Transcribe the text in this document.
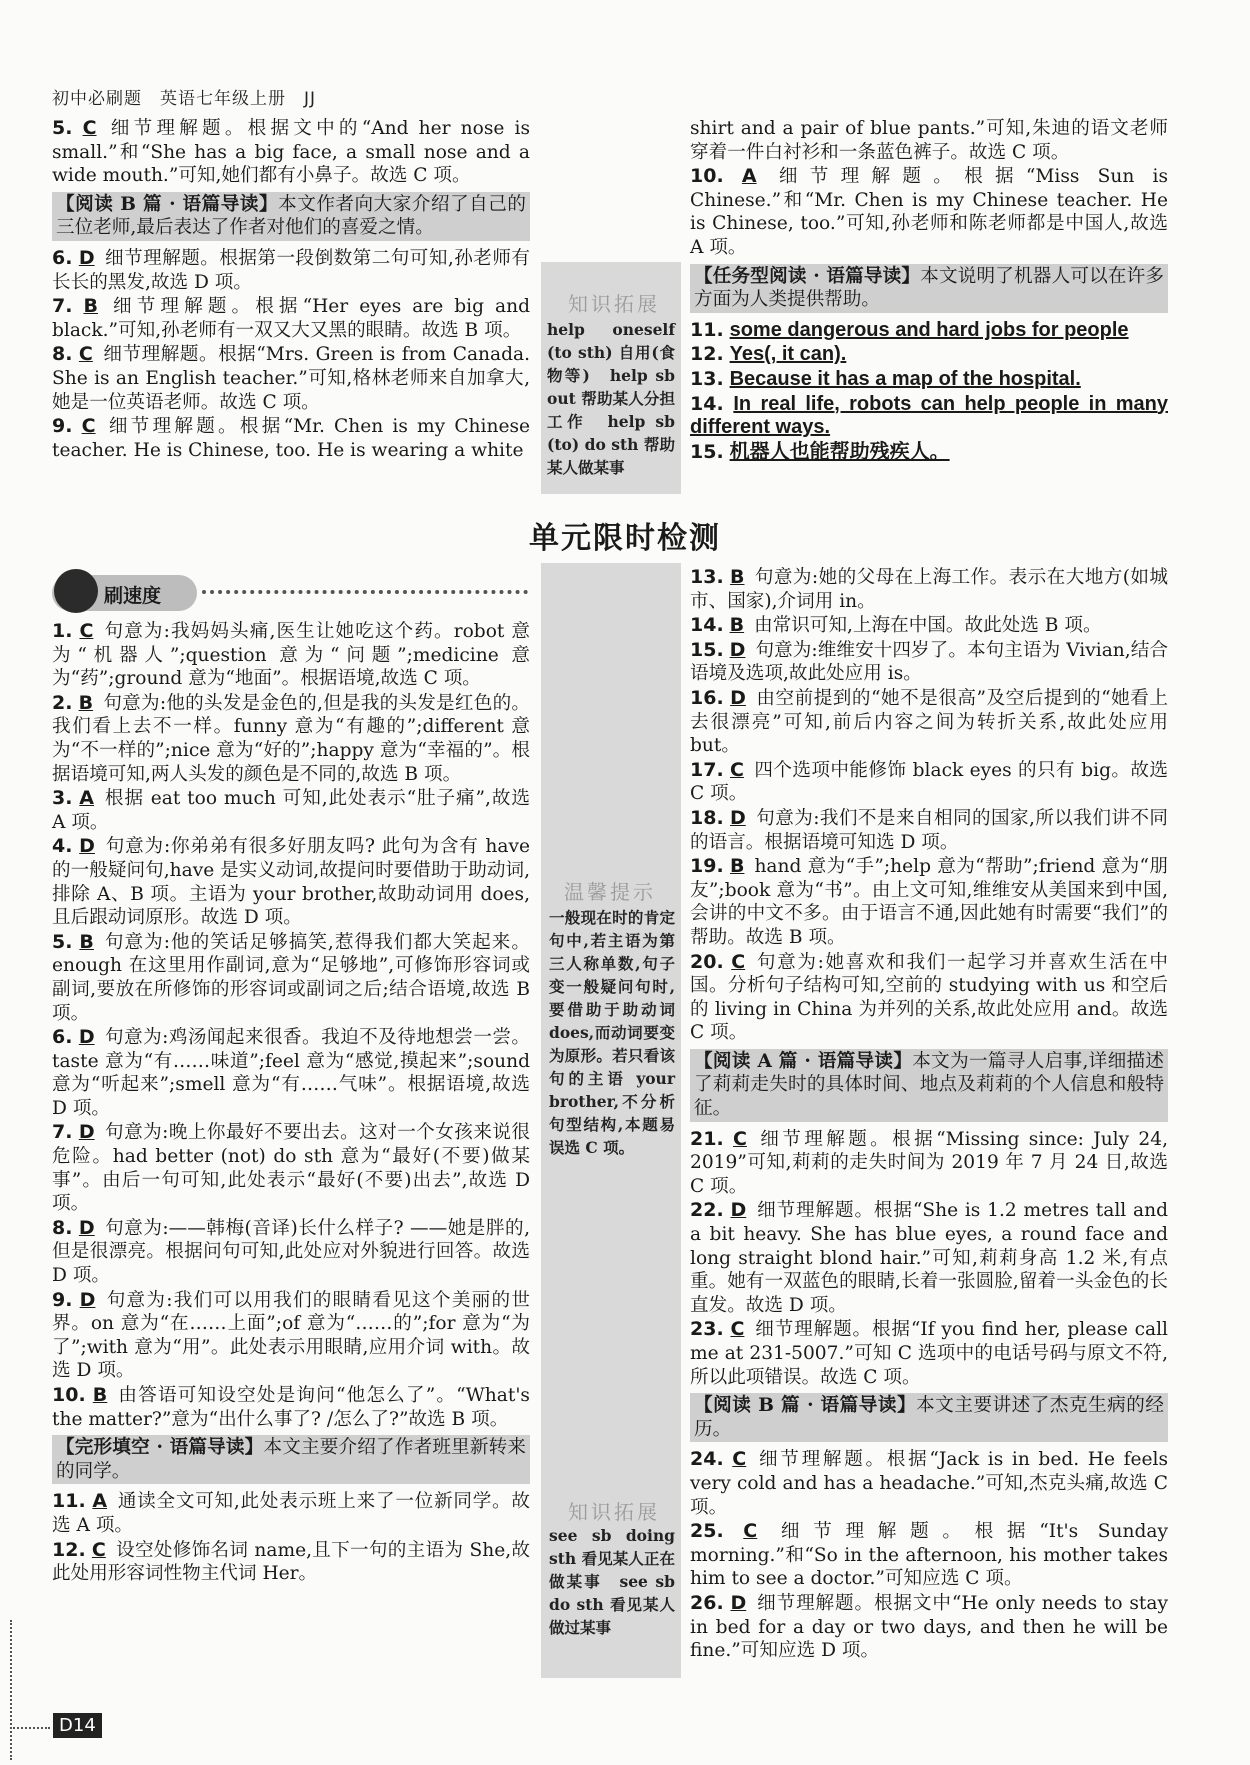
初中必刷题　英语七年级上册　JJ
5. C 细节理解题。根据文中的“And her nose is small.”和“She has a big face, a small nose and a wide mouth.”可知,她们都有小鼻子。故选 C 项。
【阅读 B 篇 · 语篇导读】本文作者向大家介绍了自己的三位老师,最后表达了作者对他们的喜爱之情。
6. D 细节理解题。根据第一段倒数第二句可知,孙老师有长长的黑发,故选 D 项。
7. B 细节理解题。根据“Her eyes are big and black.”可知,孙老师有一双又大又黑的眼睛。故选 B 项。
8. C 细节理解题。根据“Mrs. Green is from Canada. She is an English teacher.”可知,格林老师来自加拿大,她是一位英语老师。故选 C 项。
9. C 细节理解题。根据“Mr. Chen is my Chinese teacher. He is Chinese, too. He is wearing a white
知识拓展
help oneself (to sth) 自用(食物等)　help sb out 帮助某人分担工作　help sb (to) do sth 帮助某人做某事
shirt and a pair of blue pants.”可知,朱迪的语文老师穿着一件白衬衫和一条蓝色裤子。故选 C 项。
10. A 细节理解题。根据“Miss Sun is Chinese.”和“Mr. Chen is my Chinese teacher. He is Chinese, too.”可知,孙老师和陈老师都是中国人,故选 A 项。
【任务型阅读 · 语篇导读】本文说明了机器人可以在许多方面为人类提供帮助。
11. some dangerous and hard jobs for people
12. Yes(, it can).
13. Because it has a map of the hospital.
14. In real life, robots can help people in many different ways.
15. 机器人也能帮助残疾人。
单元限时检测
刷速度
1. C 句意为:我妈妈头痛,医生让她吃这个药。robot 意为“机器人”;question 意为“问题”;medicine 意为“药”;ground 意为“地面”。根据语境,故选 C 项。
2. B 句意为:他的头发是金色的,但是我的头发是红色的。我们看上去不一样。funny 意为“有趣的”;different 意为“不一样的”;nice 意为“好的”;happy 意为“幸福的”。根据语境可知,两人头发的颜色是不同的,故选 B 项。
3. A 根据 eat too much 可知,此处表示“肚子痛”,故选 A 项。
4. D 句意为:你弟弟有很多好朋友吗? 此句为含有 have 的一般疑问句,have 是实义动词,故提问时要借助于助动词,排除 A、B 项。主语为 your brother,故助动词用 does,且后跟动词原形。故选 D 项。
5. B 句意为:他的笑话足够搞笑,惹得我们都大笑起来。enough 在这里用作副词,意为“足够地”,可修饰形容词或副词,要放在所修饰的形容词或副词之后;结合语境,故选 B 项。
6. D 句意为:鸡汤闻起来很香。我迫不及待地想尝一尝。taste 意为“有……味道”;feel 意为“感觉,摸起来”;sound 意为“听起来”;smell 意为“有……气味”。根据语境,故选 D 项。
7. D 句意为:晚上你最好不要出去。这对一个女孩来说很危险。had better (not) do sth 意为“最好(不要)做某事”。由后一句可知,此处表示“最好(不要)出去”,故选 D 项。
8. D 句意为:——韩梅(音译)长什么样子? ——她是胖的,但是很漂亮。根据问句可知,此处应对外貌进行回答。故选 D 项。
9. D 句意为:我们可以用我们的眼睛看见这个美丽的世界。on 意为“在……上面”;of 意为“……的”;for 意为“为了”;with 意为“用”。此处表示用眼睛,应用介词 with。故选 D 项。
10. B 由答语可知设空处是询问“他怎么了”。“What's the matter?”意为“出什么事了? /怎么了?”故选 B 项。
【完形填空 · 语篇导读】本文主要介绍了作者班里新转来的同学。
11. A 通读全文可知,此处表示班上来了一位新同学。故选 A 项。
12. C 设空处修饰名词 name,且下一句的主语为 She,故此处用形容词性物主代词 Her。
温馨提示
一般现在时的肯定句中,若主语为第三人称单数,句子变一般疑问句时,要借助于助动词 does,而动词要变为原形。若只看该句的主语 your brother,不分析句型结构,本题易误选 C 项。
知识拓展
see sb doing sth 看见某人正在做某事　see sb do sth 看见某人做过某事
13. B 句意为:她的父母在上海工作。表示在大地方(如城市、国家),介词用 in。
14. B 由常识可知,上海在中国。故此处选 B 项。
15. D 句意为:维维安十四岁了。本句主语为 Vivian,结合语境及选项,故此处应用 is。
16. D 由空前提到的“她不是很高”及空后提到的“她看上去很漂亮”可知,前后内容之间为转折关系,故此处应用 but。
17. C 四个选项中能修饰 black eyes 的只有 big。故选 C 项。
18. D 句意为:我们不是来自相同的国家,所以我们讲不同的语言。根据语境可知选 D 项。
19. B hand 意为“手”;help 意为“帮助”;friend 意为“朋友”;book 意为“书”。由上文可知,维维安从美国来到中国,会讲的中文不多。由于语言不通,因此她有时需要“我们”的帮助。故选 B 项。
20. C 句意为:她喜欢和我们一起学习并喜欢生活在中国。分析句子结构可知,空前的 studying with us 和空后的 living in China 为并列的关系,故此处应用 and。故选 C 项。
【阅读 A 篇 · 语篇导读】本文为一篇寻人启事,详细描述了莉莉走失时的具体时间、地点及莉莉的个人信息和般特征。
21. C 细节理解题。根据“Missing since: July 24, 2019”可知,莉莉的走失时间为 2019 年 7 月 24 日,故选 C 项。
22. D 细节理解题。根据“She is 1.2 metres tall and a bit heavy. She has blue eyes, a round face and long straight blond hair.”可知,莉莉身高 1.2 米,有点重。她有一双蓝色的眼睛,长着一张圆脸,留着一头金色的长直发。故选 D 项。
23. C 细节理解题。根据“If you find her, please call me at 231-5007.”可知 C 选项中的电话号码与原文不符,所以此项错误。故选 C 项。
【阅读 B 篇 · 语篇导读】本文主要讲述了杰克生病的经历。
24. C 细节理解题。根据“Jack is in bed. He feels very cold and has a headache.”可知,杰克头痛,故选 C 项。
25. C 细节理解题。根据“It's Sunday morning.”和“So in the afternoon, his mother takes him to see a doctor.”可知应选 C 项。
26. D 细节理解题。根据文中“He only needs to stay in bed for a day or two days, and then he will be fine.”可知应选 D 项。
D14
